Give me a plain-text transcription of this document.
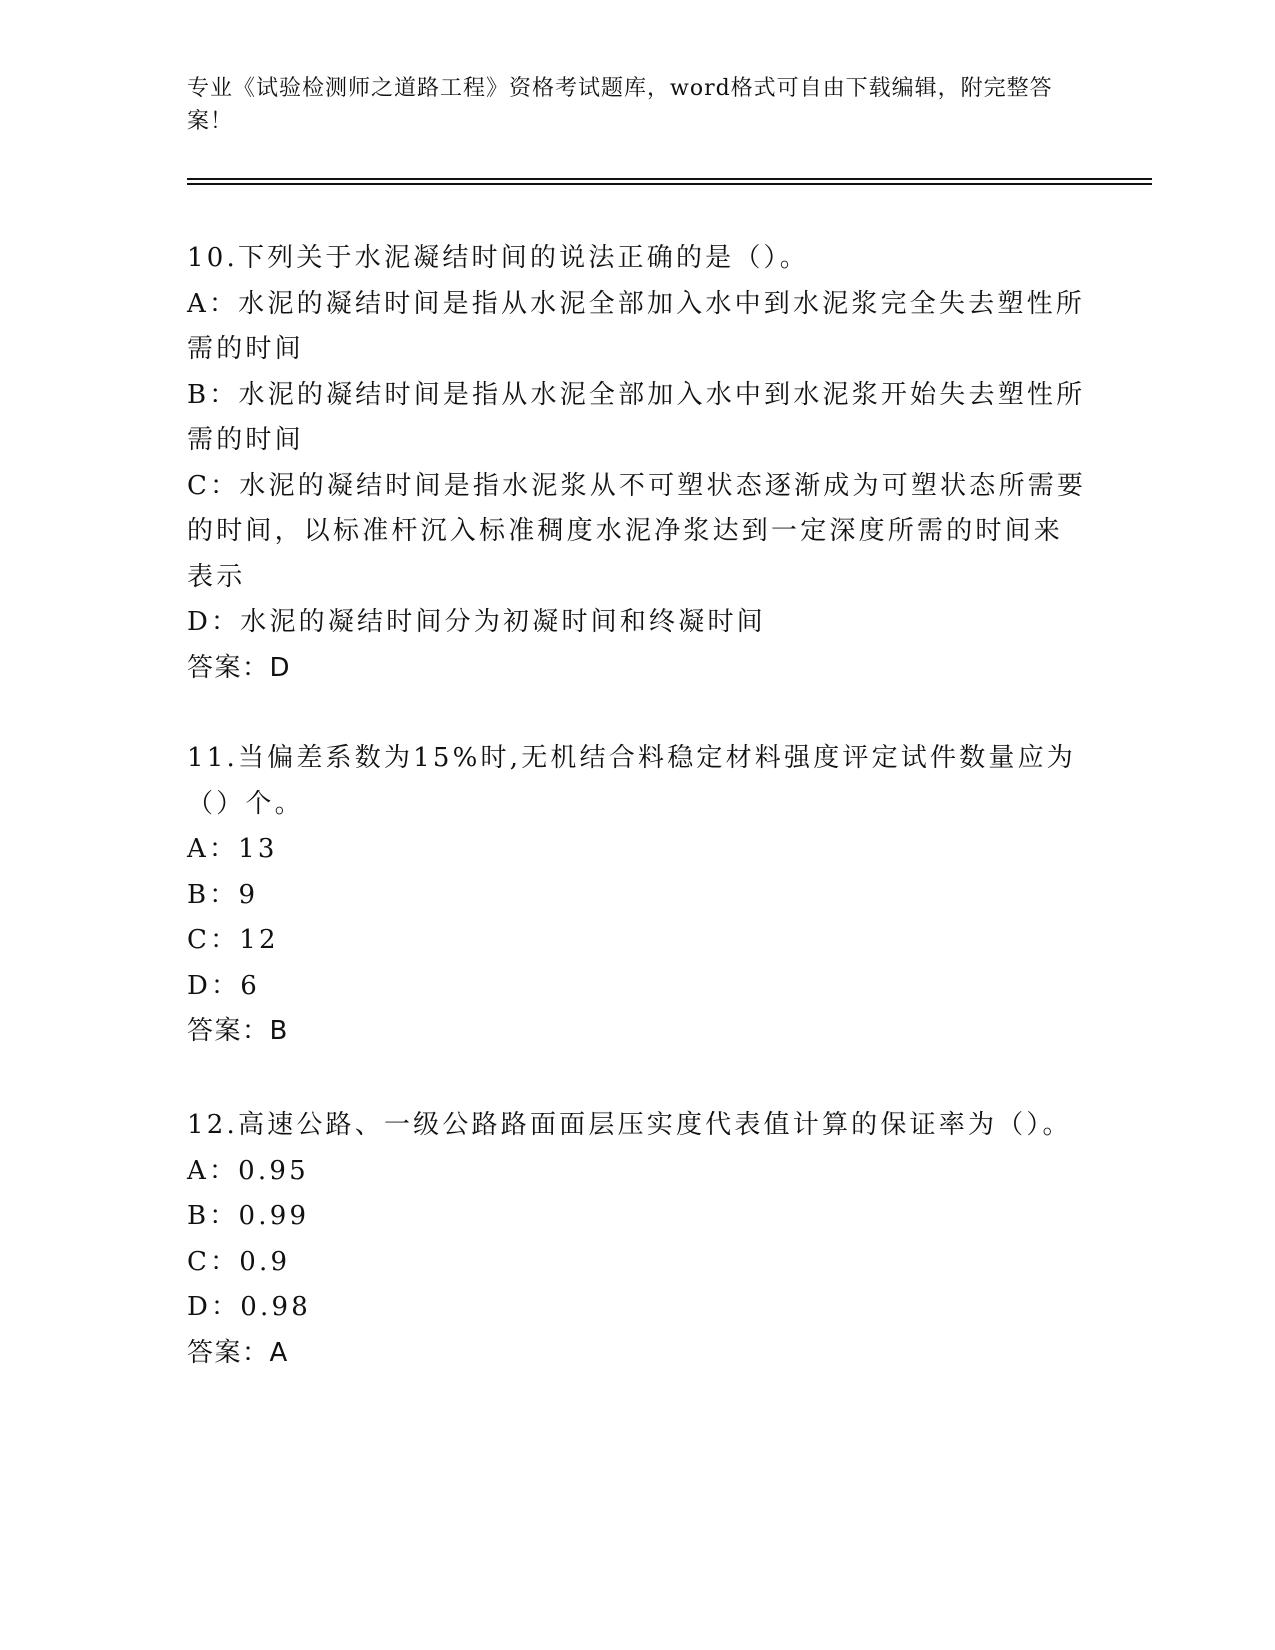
专业《试验检测师之道路工程》资格考试题库，word格式可自由下载编辑，附完整答案！
10.下列关于水泥凝结时间的说法正确的是（）。
A：水泥的凝结时间是指从水泥全部加入水中到水泥浆完全失去塑性所需的时间
B：水泥的凝结时间是指从水泥全部加入水中到水泥浆开始失去塑性所需的时间
C：水泥的凝结时间是指水泥浆从不可塑状态逐渐成为可塑状态所需要的时间，以标准杆沉入标准稠度水泥净浆达到一定深度所需的时间来表示
D：水泥的凝结时间分为初凝时间和终凝时间
答案：D
11.当偏差系数为15%时,无机结合料稳定材料强度评定试件数量应为（）个。
A：13
B：9
C：12
D：6
答案：B
12.高速公路、一级公路路面面层压实度代表值计算的保证率为（）。
A：0.95
B：0.99
C：0.9
D：0.98
答案：A
